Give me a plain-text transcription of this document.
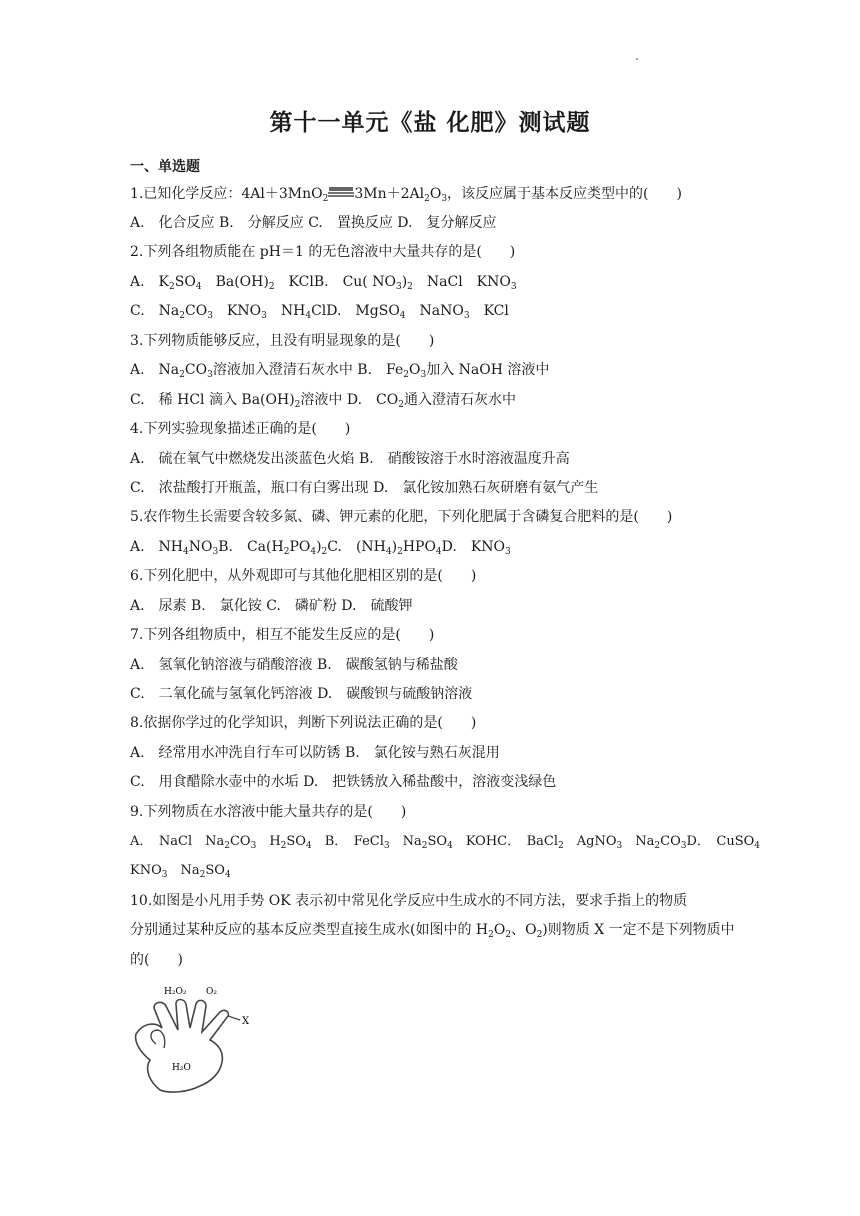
第十一单元《盐 化肥》测试题
一、单选题
1.已知化学反应：4Al＋3MnO$_2$ $3Mn+2Al_2O_3$，该反应属于基本反应类型中的(　　)
A.　化合反应 B.　分解反应 C.　置换反应 D.　复分解反应
2.下列各组物质能在 pH＝1 的无色溶液中大量共存的是(　　)
A.　$K_2SO_4$　$Ba(OH)_2$　KClB.　Cu( $NO_3)_2$　NaCl　$KNO_3$
C.　$Na_2CO_3$　$KNO_3$　$NH_4ClD$.　MgSO$_4$　NaNO$_3$　KCl
3.下列物质能够反应，且没有明显现象的是(　　)
A.　$Na_2CO_3$溶液加入澄清石灰水中 B.　$Fe_2O_3$加入 NaOH 溶液中
C.　稀 HCl 滴入 $Ba(OH)_2$溶液中 D.　$CO_2$通入澄清石灰水中
4.下列实验现象描述正确的是(　　)
A.　硫在氧气中燃烧发出淡蓝色火焰 B.　硝酸铵溶于水时溶液温度升高
C.　浓盐酸打开瓶盖，瓶口有白雾出现 D.　氯化铵加熟石灰研磨有氨气产生
5.农作物生长需要含较多氮、磷、钾元素的化肥，下列化肥属于含磷复合肥料的是(　　)
A.　$NH_4NO_3B$.　$Ca(H_2PO_4)_2C$.　$(NH_4)_2HPO_4D$.　$KNO_3$
6.下列化肥中，从外观即可与其他化肥相区别的是(　　)
A.　尿素 B.　氯化铵 C.　磷矿粉 D.　硫酸钾
7.下列各组物质中，相互不能发生反应的是(　　)
A.　氢氧化钠溶液与硝酸溶液 B.　碳酸氢钠与稀盐酸
C.　二氧化硫与氢氧化钙溶液 D.　碳酸钡与硫酸钠溶液
8.依据你学过的化学知识，判断下列说法正确的是(　　)
A.　经常用水冲洗自行车可以防锈 B.　氯化铵与熟石灰混用
C.　用食醋除水壶中的水垢 D.　把铁锈放入稀盐酸中，溶液变浅绿色
9.下列物质在水溶液中能大量共存的是(　　)
A．　NaCl　$Na_2CO_3$　$H_2SO_4$　B．　FeCl$_3$　$Na_2SO_4$　KOHC．　BaCl$_2$　AgNO$_3$　$Na_2CO_3D$．　CuSO$_4$
$KNO_3$　$Na_2SO_4$
10.如图是小凡用手势 OK 表示初中常见化学反应中生成水的不同方法，要求手指上的物质
分别通过某种反应的基本反应类型直接生成水(如图中的 $H_2O_2$、$O_2$)则物质 X 一定不是下列物质中
的(　　)
H₂O₂ O₂
X
H₂O
